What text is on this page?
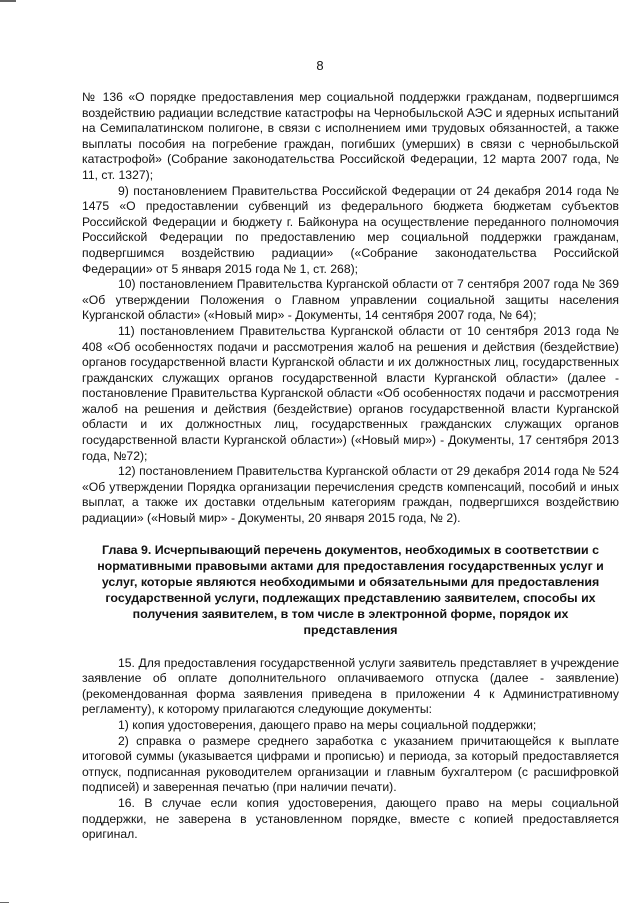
8

№ 136 «О порядке предоставления мер социальной поддержки гражданам, подвергшимся воздействию радиации вследствие катастрофы на Чернобыльской АЭС и ядерных испытаний на Семипалатинском полигоне, в связи с исполнением ими трудовых обязанностей, а также выплаты пособия на погребение граждан, погибших (умерших) в связи с чернобыльской катастрофой» (Собрание законодательства Российской Федерации, 12 марта 2007 года, № 11, ст. 1327);

9) постановлением Правительства Российской Федерации от 24 декабря 2014 года № 1475 «О предоставлении субвенций из федерального бюджета бюджетам субъектов Российской Федерации и бюджету г. Байконура на осуществление переданного полномочия Российской Федерации по предоставлению мер социальной поддержки гражданам, подвергшимся воздействию радиации» («Собрание законодательства Российской Федерации» от 5 января 2015 года № 1, ст. 268);

10) постановлением Правительства Курганской области от 7 сентября 2007 года № 369 «Об утверждении Положения о Главном управлении социальной защиты населения Курганской области» («Новый мир» - Документы, 14 сентября 2007 года, № 64);

11) постановлением Правительства Курганской области от 10 сентября 2013 года № 408 «Об особенностях подачи и рассмотрения жалоб на решения и действия (бездействие) органов государственной власти Курганской области и их должностных лиц, государственных гражданских служащих органов государственной власти Курганской области» (далее - постановление Правительства Курганской области «Об особенностях подачи и рассмотрения жалоб на решения и действия (бездействие) органов государственной власти Курганской области и их должностных лиц, государственных гражданских служащих органов государственной власти Курганской области») («Новый мир») - Документы, 17 сентября 2013 года, №72);

12) постановлением Правительства Курганской области от 29 декабря 2014 года № 524 «Об утверждении Порядка организации перечисления средств компенсаций, пособий и иных выплат, а также их доставки отдельным категориям граждан, подвергшихся воздействию радиации» («Новый мир» - Документы, 20 января 2015 года, № 2).

Глава 9. Исчерпывающий перечень документов, необходимых в соответствии с нормативными правовыми актами для предоставления государственных услуг и услуг, которые являются необходимыми и обязательными для предоставления государственной услуги, подлежащих представлению заявителем, способы их получения заявителем, в том числе в электронной форме, порядок их представления

15. Для предоставления государственной услуги заявитель представляет в учреждение заявление об оплате дополнительного оплачиваемого отпуска (далее - заявление) (рекомендованная форма заявления приведена в приложении 4 к Административному регламенту), к которому прилагаются следующие документы:

1) копия удостоверения, дающего право на меры социальной поддержки;

2) справка о размере среднего заработка с указанием причитающейся к выплате итоговой суммы (указывается цифрами и прописью) и периода, за который предоставляется отпуск, подписанная руководителем организации и главным бухгалтером (с расшифровкой подписей) и заверенная печатью (при наличии печати).

16. В случае если копия удостоверения, дающего право на меры социальной поддержки, не заверена в установленном порядке, вместе с копией предоставляется оригинал.
